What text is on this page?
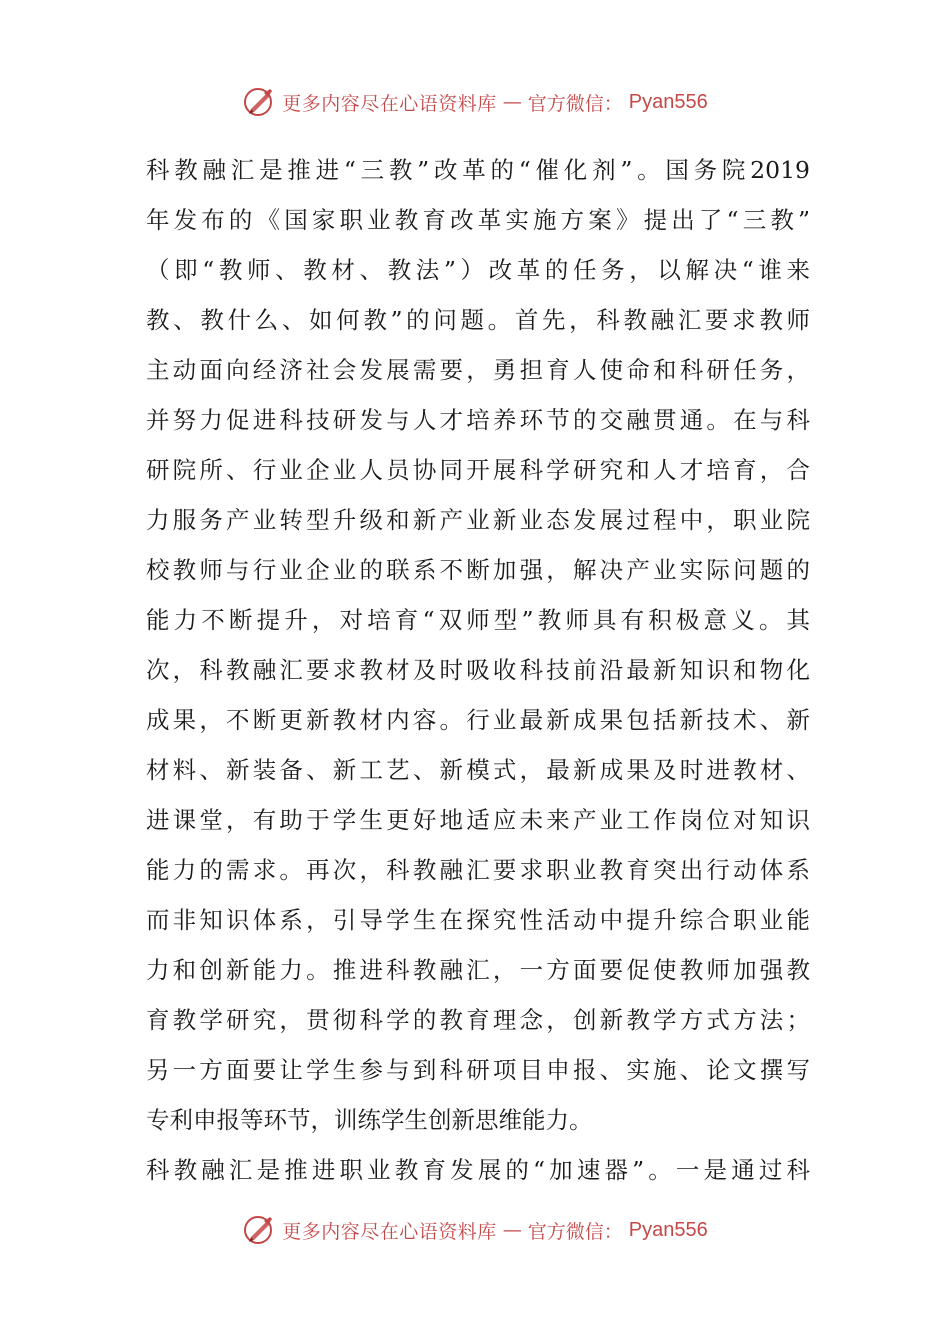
更多内容尽在心语资料库 — 官方微信： Pyan556
科教融汇是推进“三教”改革的“催化剂”。国务院2019
年发布的《国家职业教育改革实施方案》提出了“三教”
（即“教师、教材、教法”）改革的任务，以解决“谁来
教、教什么、如何教”的问题。首先，科教融汇要求教师
主动面向经济社会发展需要，勇担育人使命和科研任务，
并努力促进科技研发与人才培养环节的交融贯通。在与科
研院所、行业企业人员协同开展科学研究和人才培育，合
力服务产业转型升级和新产业新业态发展过程中，职业院
校教师与行业企业的联系不断加强，解决产业实际问题的
能力不断提升，对培育“双师型”教师具有积极意义。其
次，科教融汇要求教材及时吸收科技前沿最新知识和物化
成果，不断更新教材内容。行业最新成果包括新技术、新
材料、新装备、新工艺、新模式，最新成果及时进教材、
进课堂，有助于学生更好地适应未来产业工作岗位对知识
能力的需求。再次，科教融汇要求职业教育突出行动体系
而非知识体系，引导学生在探究性活动中提升综合职业能
力和创新能力。推进科教融汇，一方面要促使教师加强教
育教学研究，贯彻科学的教育理念，创新教学方式方法；
另一方面要让学生参与到科研项目申报、实施、论文撰写
专利申报等环节，训练学生创新思维能力。
科教融汇是推进职业教育发展的“加速器”。一是通过科
更多内容尽在心语资料库 — 官方微信： Pyan556
